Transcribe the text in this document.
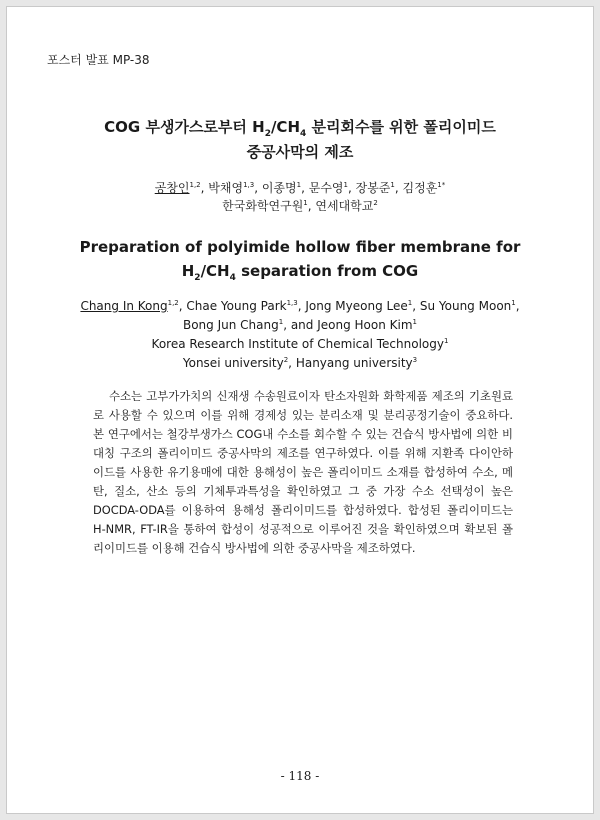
포스터 발표 MP-38
COG 부생가스로부터 $H_2/CH_4$ 분리회수를 위한 폴리이미드
중공사막의 제조
공창인$^{1,2}$, 박채영$^{1,3}$, 이종명$^1$, 문수영$^1$, 장봉준$^1$, 김정훈$^{1*}$
한국화학연구원$^1$, 연세대학교$^2$
Preparation of polyimide hollow fiber membrane for
$H_2/CH_4$ separation from COG
Chang In Kong$^{1,2}$, Chae Young Park$^{1,3}$, Jong Myeong Lee$^1$, Su Young Moon$^1$,
Bong Jun Chang$^1$, and Jeong Hoon Kim$^1$
Korea Research Institute of Chemical Technology$^1$
Yonsei university$^2$, Hanyang university$^3$

수소는 고부가가치의 신재생 수송원료이자 탄소자원화 화학제품 제조의 기초원료로 사용할 수 있으며 이를 위해 경제성 있는 분리소재 및 분리공정기술이 중요하다. 본 연구에서는 철강부생가스 COG내 수소를 회수할 수 있는 건습식 방사법에 의한 비대칭 구조의 폴리이미드 중공사막의 제조를 연구하였다. 이를 위해 지환족 다이안하이드를 사용한 유기용매에 대한 용해성이 높은 폴리이미드 소재를 합성하여 수소, 메탄, 질소, 산소 등의 기체투과특성을 확인하였고 그 중 가장 수소 선택성이 높은 DOCDA-ODA를 이용하여 용해성 폴리이미드를 합성하였다. 합성된 폴리이미드는 H-NMR, FT-IR을 통하여 합성이 성공적으로 이루어진 것을 확인하였으며 확보된 폴리이미드를 이용해 건습식 방사법에 의한 중공사막을 제조하였다.

- 118 -
